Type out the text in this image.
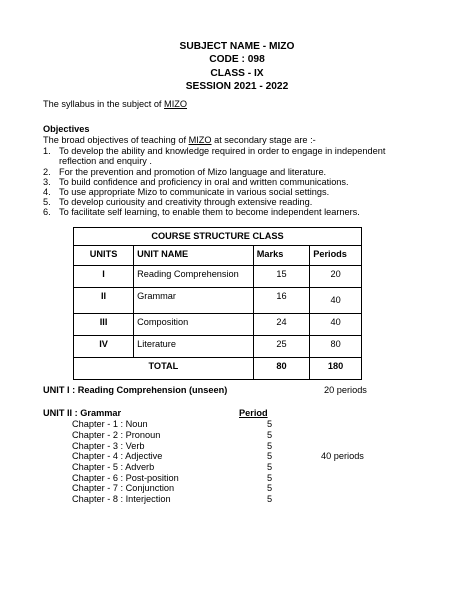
SUBJECT NAME - MIZO
CODE : 098
CLASS - IX
SESSION 2021 - 2022
The syllabus in the subject of MIZO
Objectives
The broad objectives of teaching of MIZO at secondary stage are :-
1. To develop the ability and knowledge required in order to engage in independent
reflection and enquiry .
2. For the prevention and promotion of Mizo language and literature.
3. To build confidence and proficiency in oral and written communications.
4. To use appropriate Mizo to communicate in various social settings.
5. To develop curiousity and creativity through extensive reading.
6. To facilitate self learning, to enable them to become independent learners.
COURSE STRUCTURE CLASS			
UNITS	UNIT NAME	Marks	Periods
I	Reading Comprehension	15	20
II	Grammar	16	40
III	Composition	24	40
IV	Literature	25	80
TOTAL		80	180
UNIT I : Reading Comprehension (unseen)	20 periods
UNIT II : Grammar	Period
Chapter - 1 : Noun	5
Chapter - 2 : Pronoun	5
Chapter - 3 : Verb	5
Chapter - 4 : Adjective	5
Chapter - 5 : Adverb	5
Chapter - 6 : Post-position	5
Chapter - 7 : Conjunction	5
Chapter - 8 : Interjection	5
40 periods
